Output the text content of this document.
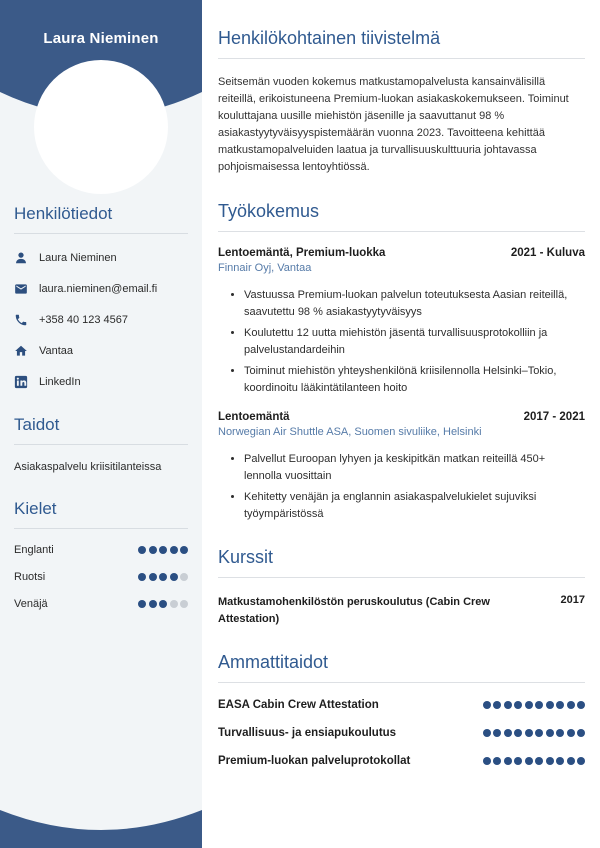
Laura Nieminen
Henkilötiedot
Laura Nieminen
laura.nieminen@email.fi
+358 40 123 4567
Vantaa
LinkedIn
Taidot
Asiakaspalvelu kriisitilanteissa
Kielet
Englanti
Ruotsi
Venäjä
Henkilökohtainen tiivistelmä

Seitsemän vuoden kokemus matkustamopalvelusta kansainvälisillä reiteillä, erikoistuneena Premium-luokan asiakaskokemukseen. Toiminut kouluttajana uusille miehistön jäsenille ja saavuttanut 98 % asiakastyytyväisyyspistemäärän vuonna 2023. Tavoitteena kehittää matkustamopalveluiden laatua ja turvallisuuskulttuuria johtavassa pohjoismaisessa lentoyhtiössä.

Työkokemus
Lentoemäntä, Premium-luokka	2021 - Kuluva
Finnair Oyj, Vantaa
• Vastuussa Premium-luokan palvelun toteutuksesta Aasian reiteillä, saavutettu 98 % asiakastyytyväisyys
• Koulutettu 12 uutta miehistön jäsentä turvallisuusprotokolliin ja palvelustandardeihin
• Toiminut miehistön yhteyshenkilönä kriisilennolla Helsinki–Tokio, koordinoitu lääkintätilanteen hoito
Lentoemäntä	2017 - 2021
Norwegian Air Shuttle ASA, Suomen sivuliike, Helsinki
• Palvellut Euroopan lyhyen ja keskipitkän matkan reiteillä 450+ lennolla vuosittain
• Kehitetty venäjän ja englannin asiakaspalvelukielet sujuviksi työympäristössä
Kurssit
Matkustamohenkilöstön peruskoulutus (Cabin Crew Attestation)
2017
Ammattitaidot
EASA Cabin Crew Attestation
Turvallisuus- ja ensiapukoulutus
Premium-luokan palveluprotokollat
